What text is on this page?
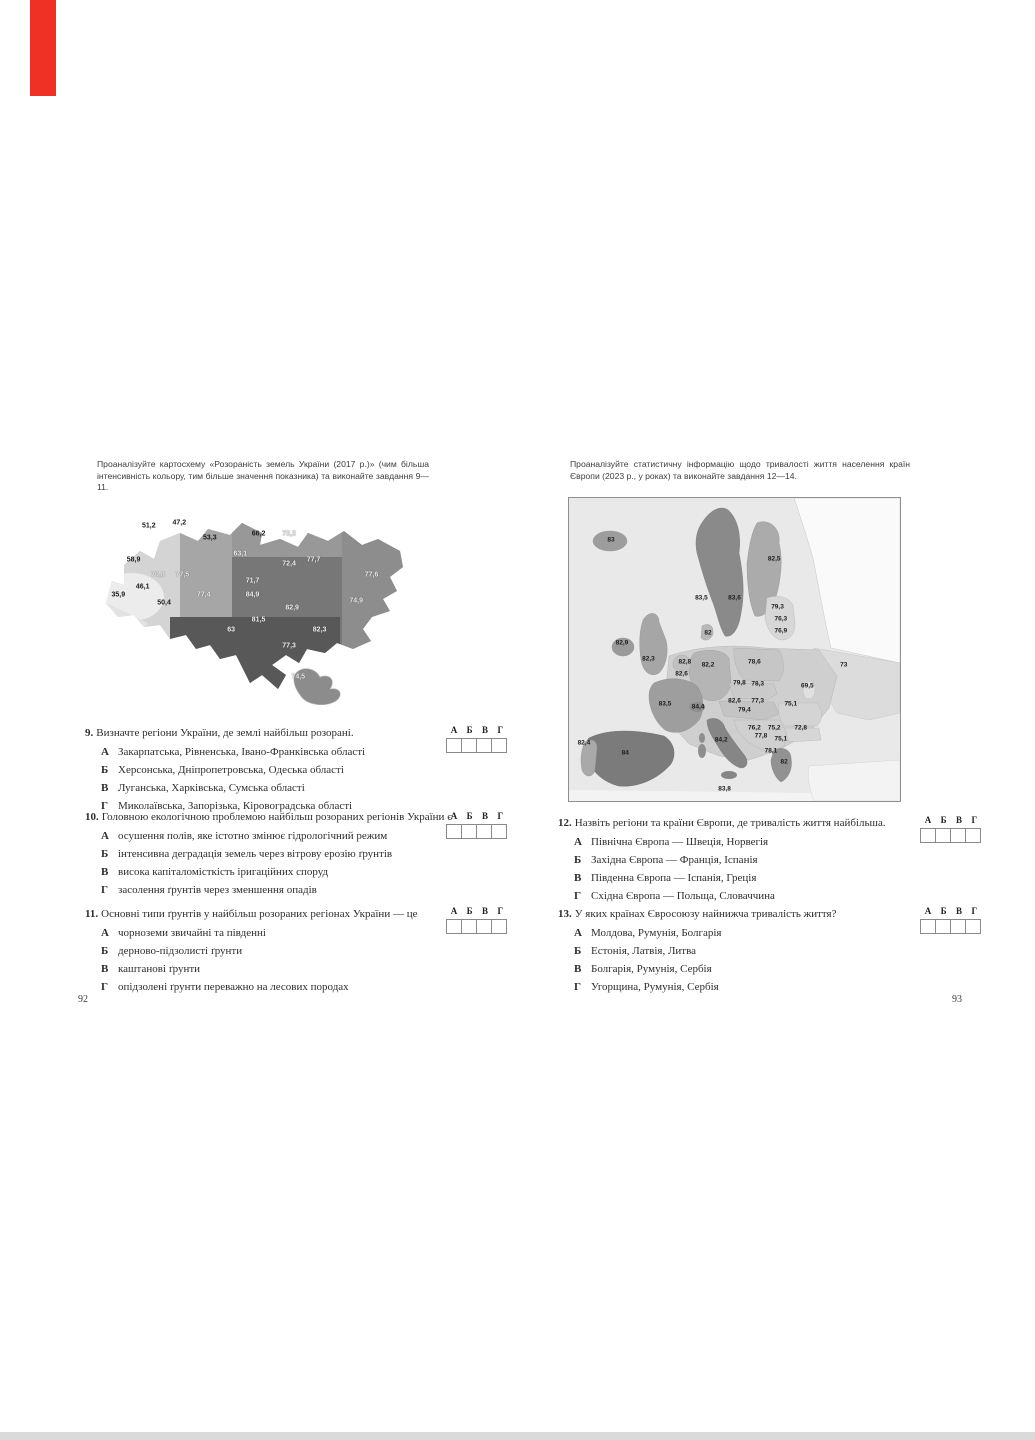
Проаналізуйте картосхему «Розораність земель України (2017 р.)» (чим більша інтенсивність кольору, тим більше значення показника) та виконайте завдання 9—11.
51,2 47,2
53,3
66,2 72,2
63,1
77,7
72,4
58,9
70,8 77,5
46,1
35,9
50,4
77,4
71,7
84,9
77,6
74,9
82,9
63
81,5
82,3
77,3
74,5
9. Визначте регіони України, де землі найбільш розорані.
А Закарпатська, Рівненська, Івано-Франківська області
Б Херсонська, Дніпропетровська, Одеська області
В Луганська, Харківська, Сумська області
Г Миколаївська, Запорізька, Кіровоградська області
А Б В Г
10. Головною екологічною проблемою найбільш розораних регіонів України є
А осушення полів, яке істотно змінює гідрологічний режим
Б інтенсивна деградація земель через вітрову ерозію ґрунтів
В висока капіталомісткість іригаційних споруд
Г засолення ґрунтів через зменшення опадів
А Б В Г
11. Основні типи ґрунтів у найбільш розораних регіонах України — це
А чорноземи звичайні та південні
Б дерново-підзолисті ґрунти
В каштанові ґрунти
Г опідзолені ґрунти переважно на лесових породах
А Б В Г
92
Проаналізуйте статистичну інформацію щодо тривалості життя населення країн Європи (2023 р., у роках) та виконайте завдання 12—14.
83
83,5	83,6
82,5
79,3
76,3
76,9
82
82,9
82,3	82,8
82,6
82,2	78,6
79,8 78,3
73
69,5
82,6 77,3	75,1
83,5	84,4	79,4
76,2 75,2 72,8
77,8 75,1
78,1
82
84,2
84
82,4
83,8
12. Назвіть регіони та країни Європи, де тривалість життя найбільша.
А Північна Європа — Швеція, Норвегія
Б Західна Європа — Франція, Іспанія
В Південна Європа — Іспанія, Греція
Г Східна Європа — Польща, Словаччина
А Б В Г
13. У яких країнах Євросоюзу найнижча тривалість життя?
А Молдова, Румунія, Болгарія
Б Естонія, Латвія, Литва
В Болгарія, Румунія, Сербія
Г Угорщина, Румунія, Сербія
А Б В Г
93
